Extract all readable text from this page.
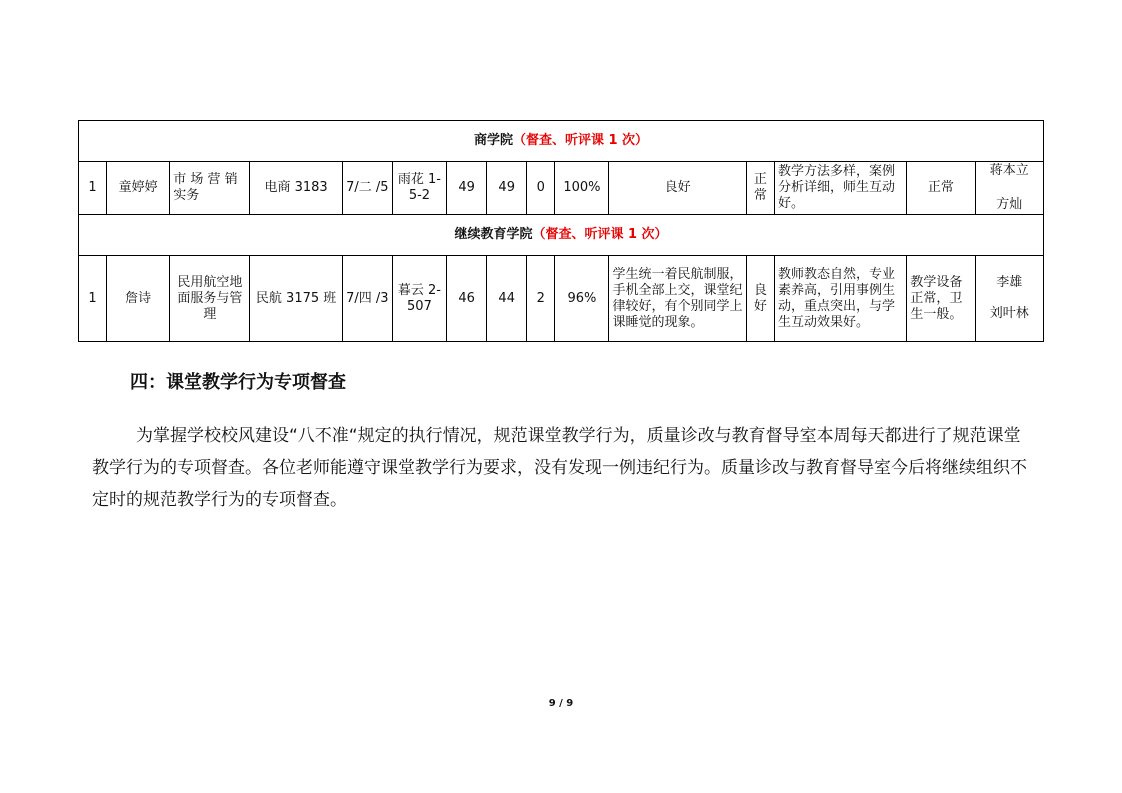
商学院（督查、听评课 1 次）														
1	童婷婷	市 场 营 销 实务	电商 3183	7/二 /5	雨花 1-5-2	49	49	0	100%	良好	正 常	教学方法多样，案例分析详细，师生互动好。	正常	蒋本立
方灿

继续教育学院（督查、听评课 1 次）														
1	詹诗	民用航空地面服务与管理	民航 3175 班	7/四 /3	暮云 2-507	46	44	2	96%	学生统一着民航制服，手机全部上交，课堂纪律较好，有个别同学上课睡觉的现象。	良 好	教师教态自然，专业素养高，引用事例生动，重点突出，与学生互动效果好。	教学设备正常，卫生一般。	李雄
刘叶林
四：课堂教学行为专项督查

为掌握学校校风建设“八不准“规定的执行情况，规范课堂教学行为，质量诊改与教育督导室本周每天都进行了规范课堂教学行为的专项督查。各位老师能遵守课堂教学行为要求，没有发现一例违纪行为。质量诊改与教育督导室今后将继续组织不定时的规范教学行为的专项督查。

9 / 9
